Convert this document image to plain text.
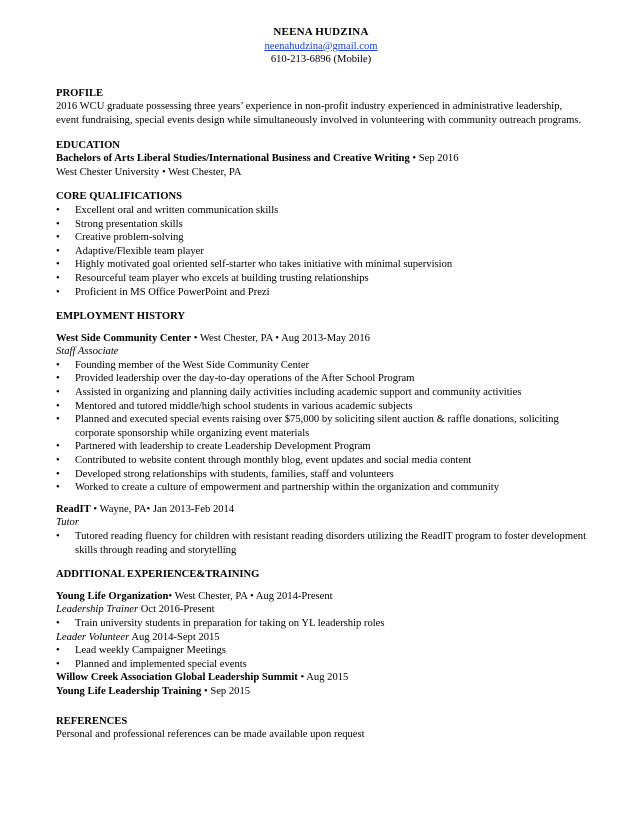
NEENA HUDZINA
neenahudzina@gmail.com
610-213-6896 (Mobile)
PROFILE
2016 WCU graduate possessing three years’ experience in non-profit industry experienced in administrative leadership, event fundraising, special events design while simultaneously involved in volunteering with community outreach programs.
EDUCATION
Bachelors of Arts Liberal Studies/International Business and Creative Writing • Sep 2016
West Chester University • West Chester, PA
CORE QUALIFICATIONS
• Excellent oral and written communication skills
• Strong presentation skills
• Creative problem-solving
• Adaptive/Flexible team player
• Highly motivated goal oriented self-starter who takes initiative with minimal supervision
• Resourceful team player who excels at building trusting relationships
• Proficient in MS Office PowerPoint and Prezi
EMPLOYMENT HISTORY
West Side Community Center • West Chester, PA • Aug 2013-May 2016
Staff Associate
• Founding member of the West Side Community Center
• Provided leadership over the day-to-day operations of the After School Program
• Assisted in organizing and planning daily activities including academic support and community activities
• Mentored and tutored middle/high school students in various academic subjects
• Planned and executed special events raising over $75,000 by soliciting silent auction & raffle donations, soliciting corporate sponsorship while organizing event materials
• Partnered with leadership to create Leadership Development Program
• Contributed to website content through monthly blog, event updates and social media content
• Developed strong relationships with students, families, staff and volunteers
• Worked to create a culture of empowerment and partnership within the organization and community
ReadIT • Wayne, PA• Jan 2013-Feb 2014
Tutor
• Tutored reading fluency for children with resistant reading disorders utilizing the ReadIT program to foster development skills through reading and storytelling
ADDITIONAL EXPERIENCE&TRAINING
Young Life Organization• West Chester, PA • Aug 2014-Present
Leadership Trainer Oct 2016-Present
• Train university students in preparation for taking on YL leadership roles
Leader Volunteer Aug 2014-Sept 2015
• Lead weekly Campaigner Meetings
• Planned and implemented special events
Willow Creek Association Global Leadership Summit • Aug 2015
Young Life Leadership Training • Sep 2015
REFERENCES
Personal and professional references can be made available upon request
